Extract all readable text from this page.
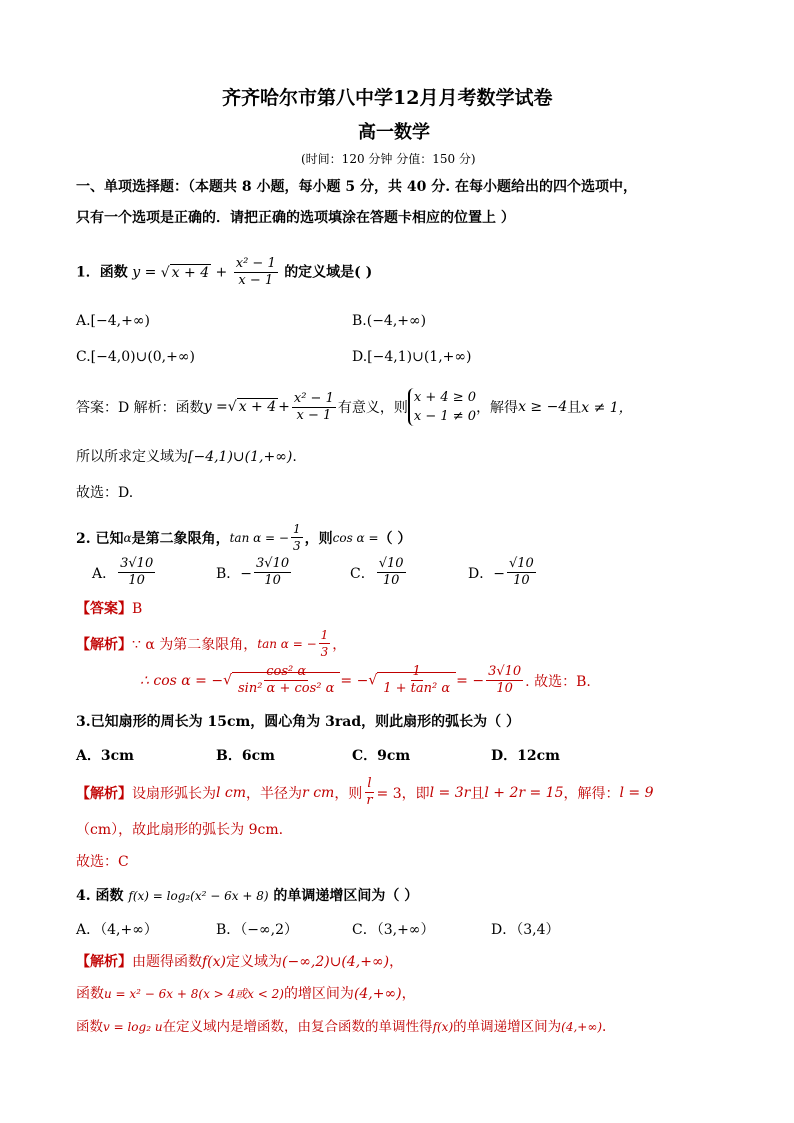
齐齐哈尔市第八中学12月月考数学试卷
高一数学
(时间：120 分钟 分值：150 分)
一、单项选择题：（本题共 8 小题，每小题 5 分，共 40 分. 在每小题给出的四个选项中，
只有一个选项是正确的．请把正确的选项填涂在答题卡相应的位置上 ）
1．函数 y = √ $x + 4 + \frac{\text{x² − 1}}{x - 1}$ 的定义域是( )
A.[−4,+∞)	B.(−4,+∞)
C.[−4,0)∪(0,+∞)	D.[−4,1)∪(1,+∞)
答案：D 解析：函数 y = √ $x + 4 + \frac{\text{x² − 1}}{x - 1}$ 有意义，则
x + 4 ≥ 0
x − 1 ≠ 0
，解得 x ≥ −4 且 x ≠ 1，
所以所求定义域为[−4,1)∪(1,+∞).
故选：D.
2. 已知 α 是第二象限角， tan α = − $\frac{1}{3}$ ，则 cos α = （ ）
A． $\frac{3√10}{10}$	B．− $\frac{3√10}{10}$	C． $\frac{√10}{10}$	D．− $\frac{√10}{10}$
【答案】B
【解析】 ∵ α 为第二象限角， tan α = − $\frac{1}{3}$ ，
∴ cos α = − √ $\frac{\text{cos² α}}{\text{sin² α + cos² α}}$ = − √ $\frac{1}{\text{1 + tan² α}}$ = − $\frac{3√10}{10}$ . 故选：B.
3.已知扇形的周长为 15cm，圆心角为 3rad，则此扇形的弧长为（ ）
A．3cm	B．6cm	C．9cm	D．12cm
【解析】 设扇形弧长为 l cm ，半径为 r cm ，则 $\frac{l}{r} = 3$，即 l = 3r 且 l + 2r = 15 ，解得： l = 9
（cm），故此扇形的弧长为 9cm.
故选：C
4. 函数 f(x) = log₂(x² − 6x + 8) 的单调递增区间为（ ）
A．（4,+∞）	B．（−∞,2）	C．（3,+∞）	D．（3,4）
【解析】由题得函数f(x)定义域为(−∞,2)∪(4,+∞)，
函数u = x² − 6x + 8(x > 4或x < 2)的增区间为(4,+∞)，
函数v = log₂ u在定义域内是增函数，由复合函数的单调性得f(x)的单调递增区间为(4,+∞).
